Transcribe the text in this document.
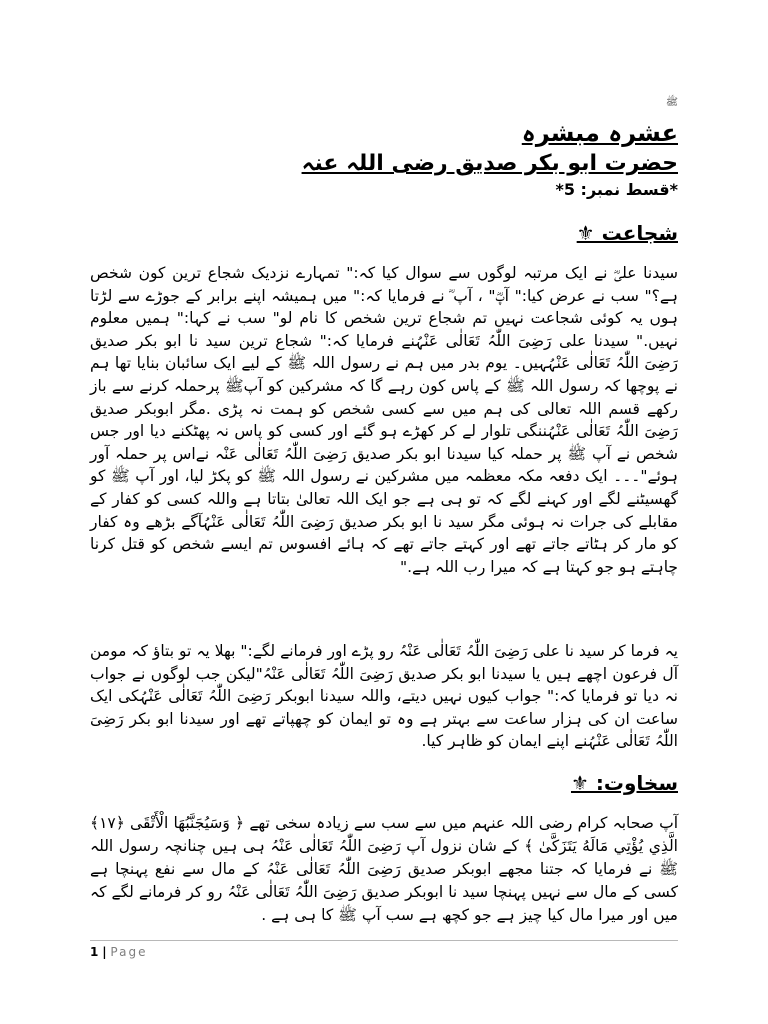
ﷺ
عشرہ مبشرہ
حضرت ابو بکر صدیق رضی اللہ عنہ
*قسط نمبر: 5*
شجاعت ⚜
سیدنا علیؓ نے ایک مرتبہ لوگوں سے سوال کیا کہ:" تمہارے نزدیک شجاع ترین کون شخص ہے؟" سب نے عرض کیا:" آپؓ" ، آپ ؓ نے فرمایا کہ:" میں ہمیشہ اپنے برابر کے جوڑے سے لڑتا ہوں یہ کوئی شجاعت نہیں تم شجاع ترین شخص کا نام لو" سب نے کہا:" ہمیں معلوم نہیں." سیدنا علی رَضِیَ اللّٰہُ تَعَالٰی عَنْہُنے فرمایا کہ:" شجاع ترین سید نا ابو بکر صدیق رَضِیَ اللّٰہُ تَعَالٰی عَنْہُہیں۔ یوم بدر میں ہم نے رسول اللہ ﷺ کے لیے ایک سائبان بنایا تھا ہم نے پوچھا کہ رسول اللہ ﷺ کے پاس کون رہے گا کہ مشرکین کو آپﷺ پرحملہ کرنے سے باز رکھے قسم اللہ تعالی کی ہم میں سے کسی شخص کو ہمت نہ پڑی .مگر ابوبکر صدیق رَضِیَ اللّٰہُ تَعَالٰی عَنْہُننگی تلوار لے کر کھڑے ہو گئے اور کسی کو پاس نہ پھٹکنے دیا اور جس شخص نے آپ ﷺ پر حملہ کیا سیدنا ابو بکر صدیق رَضِیَ اللّٰہُ تَعَالٰی عَنْہ نےاس پر حملہ آور ہوئے"۔۔۔ ایک دفعہ مکہ معظمہ میں مشرکین نے رسول اللہ ﷺ کو پکڑ لیا، اور آپ ﷺ کو گھسیٹنے لگے اور کہنے لگے کہ تو ہی ہے جو ایک اللہ تعالیٰ بتاتا ہے واللہ کسی کو کفار کے مقابلے کی جرات نہ ہوئی مگر سید نا ابو بکر صدیق رَضِیَ اللّٰہُ تَعَالٰی عَنْہُآگے بڑھے وہ کفار کو مار کر ہٹاتے جاتے تھے اور کہتے جاتے تھے کہ ہائے افسوس تم ایسے شخص کو قتل کرنا چاہتے ہو جو کہتا ہے کہ میرا رب اللہ ہے."
یہ فرما کر سید نا علی رَضِیَ اللّٰہُ تَعَالٰی عَنْہُ رو پڑے اور فرمانے لگے:" بھلا یہ تو بتاؤ کہ مومن آل فرعون اچھے ہیں یا سیدنا ابو بکر صدیق رَضِیَ اللّٰہُ تَعَالٰی عَنْہُ"لیکن جب لوگوں نے جواب نہ دیا تو فرمایا کہ:" جواب کیوں نہیں دیتے، واللہ سیدنا ابوبکر رَضِیَ اللّٰہُ تَعَالٰی عَنْہُکی ایک ساعت ان کی ہزار ساعت سے بہتر ہے وہ تو ایمان کو چھپاتے تھے اور سیدنا ابو بکر رَضِیَ اللّٰہُ تَعَالٰی عَنْہُنے اپنے ایمان کو ظاہر کیا.
سخاوت: ⚜
آپ صحابہ کرام رضی اللہ عنہم میں سے سب سے زیادہ سخی تھے ﴿ وَسَيُجَنَّبُهَا الْأَتْقَى ‎﴿١٧﴾‏ الَّذِي يُؤْتِي مَالَهُ يَتَزَكَّىٰ ﴾ کے شان نزول آپ رَضِیَ اللّٰہُ تَعَالٰی عَنْہُ ہی ہیں چنانچہ رسول اللہ ﷺ نے فرمایا کہ جتنا مجھے ابوبکر صدیق رَضِیَ اللّٰہُ تَعَالٰی عَنْہُ کے مال سے نفع پہنچا ہے کسی کے مال سے نہیں پہنچا سید نا ابوبکر صدیق رَضِیَ اللّٰہُ تَعَالٰی عَنْہُ رو کر فرمانے لگے کہ میں اور میرا مال کیا چیز ہے جو کچھ ہے سب آپ ﷺ کا ہی ہے .
1 | Page
